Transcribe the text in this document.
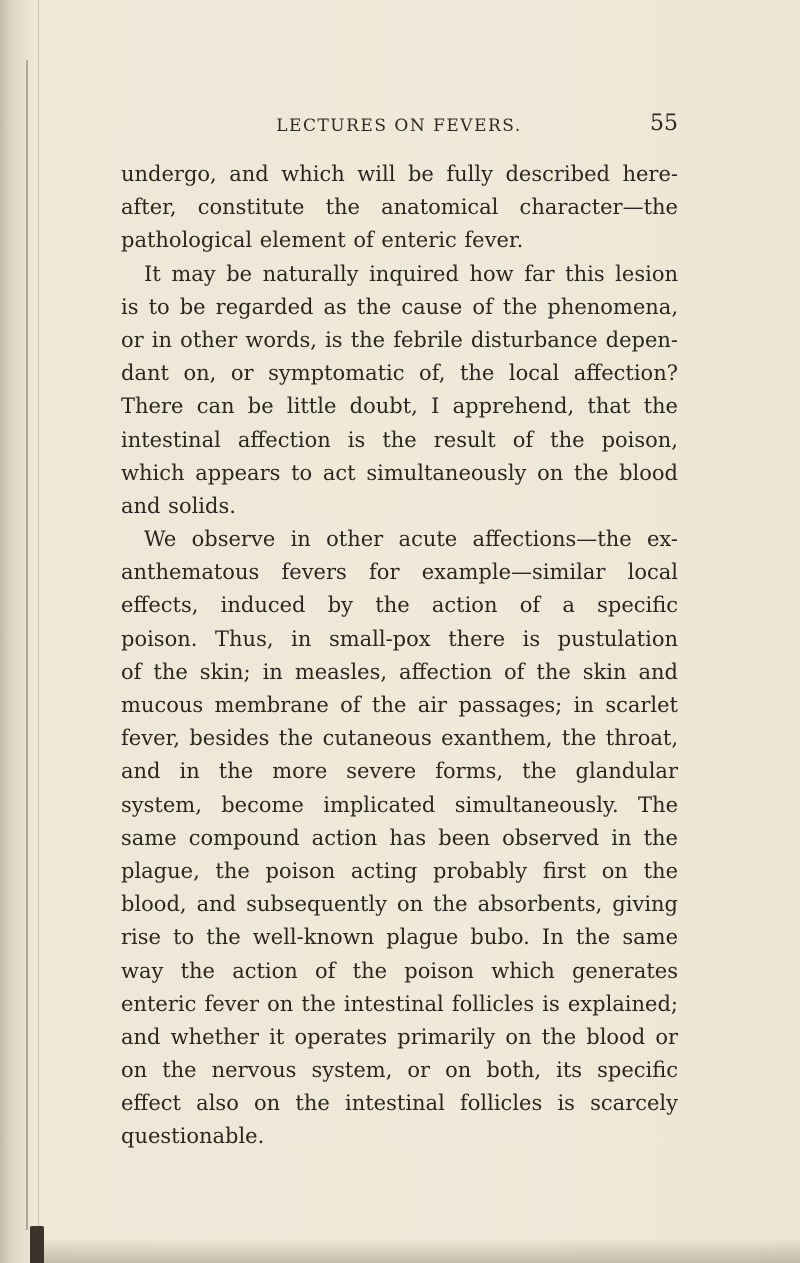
LECTURES ON FEVERS.	55
undergo, and which will be fully described here-
after, constitute the anatomical character—the
pathological element of enteric fever.
It may be naturally inquired how far this lesion
is to be regarded as the cause of the phenomena,
or in other words, is the febrile disturbance depen-
dant on, or symptomatic of, the local affection?
There can be little doubt, I apprehend, that the
intestinal affection is the result of the poison,
which appears to act simultaneously on the blood
and solids.
We observe in other acute affections—the ex-
anthematous fevers for example—similar local
effects, induced by the action of a specific
poison. Thus, in small-pox there is pustulation
of the skin; in measles, affection of the skin and
mucous membrane of the air passages; in scarlet
fever, besides the cutaneous exanthem, the throat,
and in the more severe forms, the glandular
system, become implicated simultaneously. The
same compound action has been observed in the
plague, the poison acting probably first on the
blood, and subsequently on the absorbents, giving
rise to the well-known plague bubo. In the same
way the action of the poison which generates
enteric fever on the intestinal follicles is explained;
and whether it operates primarily on the blood or
on the nervous system, or on both, its specific
effect also on the intestinal follicles is scarcely
questionable.
